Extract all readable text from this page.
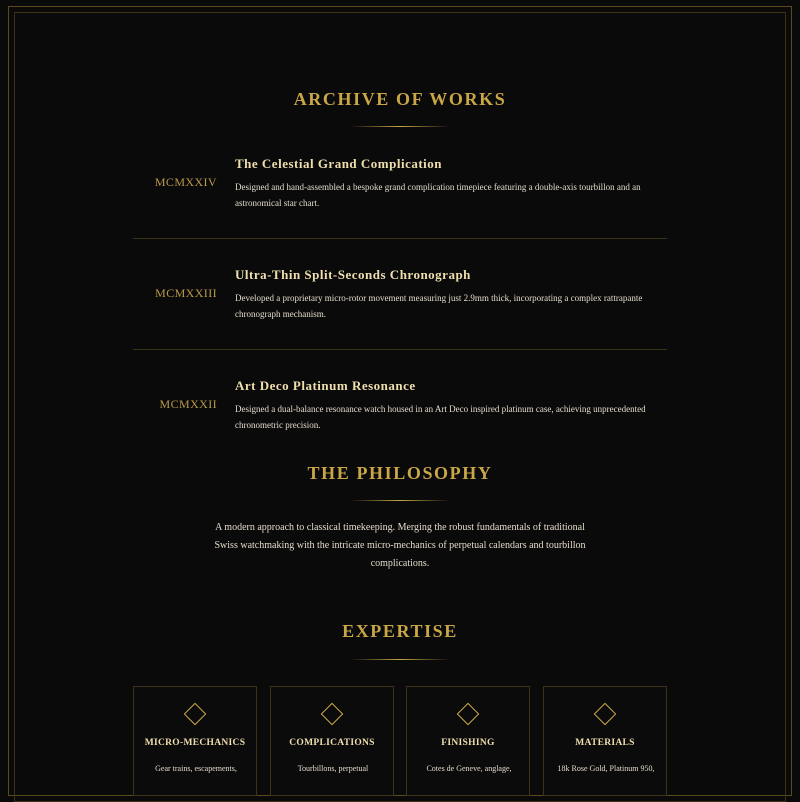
ARCHIVE OF WORKS
MCMXXIV
The Celestial Grand Complication
Designed and hand-assembled a bespoke grand complication timepiece featuring a double-axis tourbillon and an astronomical star chart.
MCMXXIII
Ultra-Thin Split-Seconds Chronograph
Developed a proprietary micro-rotor movement measuring just 2.9mm thick, incorporating a complex rattrapante chronograph mechanism.
MCMXXII
Art Deco Platinum Resonance
Designed a dual-balance resonance watch housed in an Art Deco inspired platinum case, achieving unprecedented chronometric precision.
THE PHILOSOPHY

A modern approach to classical timekeeping. Merging the robust fundamentals of traditional Swiss watchmaking with the intricate micro-mechanics of perpetual calendars and tourbillon complications.

EXPERTISE
MICRO-MECHANICS
Gear trains, escapements,
COMPLICATIONS
Tourbillons, perpetual
FINISHING
Cotes de Geneve, anglage,
MATERIALS
18k Rose Gold, Platinum 950,
